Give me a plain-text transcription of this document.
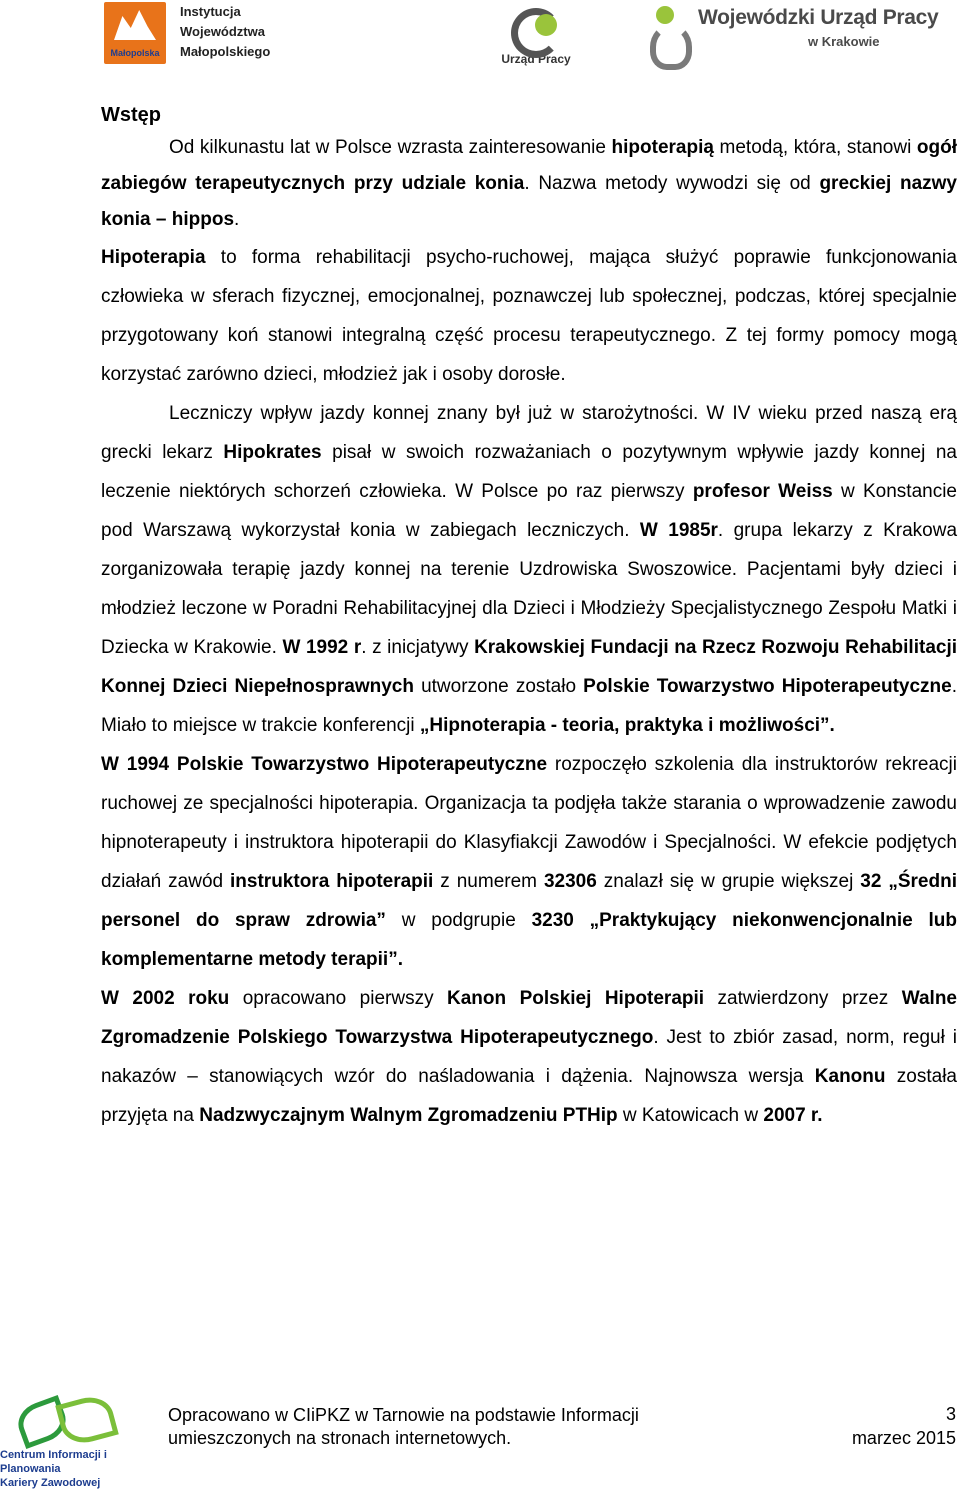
Małopolska
Instytucja
Województwa
Małopolskiego	Urząd Pracy
Wojewódzki Urząd Pracy
w Krakowie
Wstęp

Od kilkunastu lat w Polsce wzrasta zainteresowanie hipoterapią metodą, która, stanowi ogół zabiegów terapeutycznych przy udziale konia. Nazwa metody wywodzi się od greckiej nazwy konia – hippos.

Hipoterapia to forma rehabilitacji psycho-ruchowej, mająca służyć poprawie funkcjonowania człowieka w sferach fizycznej, emocjonalnej, poznawczej lub społecznej, podczas, której specjalnie przygotowany koń stanowi integralną część procesu terapeutycznego. Z tej formy pomocy mogą korzystać zarówno dzieci, młodzież jak i osoby dorosłe.

Leczniczy wpływ jazdy konnej znany był już w starożytności. W IV wieku przed naszą erą grecki lekarz Hipokrates pisał w swoich rozważaniach o pozytywnym wpływie jazdy konnej na leczenie niektórych schorzeń człowieka. W Polsce po raz pierwszy profesor Weiss w Konstancie pod Warszawą wykorzystał konia w zabiegach leczniczych. W 1985r. grupa lekarzy z Krakowa zorganizowała terapię jazdy konnej na terenie Uzdrowiska Swoszowice. Pacjentami były dzieci i młodzież leczone w Poradni Rehabilitacyjnej dla Dzieci i Młodzieży Specjalistycznego Zespołu Matki i Dziecka w Krakowie. W 1992 r. z inicjatywy Krakowskiej Fundacji na Rzecz Rozwoju Rehabilitacji Konnej Dzieci Niepełnosprawnych utworzone zostało Polskie Towarzystwo Hipoterapeutyczne. Miało to miejsce w trakcie konferencji „Hipnoterapia - teoria, praktyka i możliwości”.

W 1994 Polskie Towarzystwo Hipoterapeutyczne rozpoczęło szkolenia dla instruktorów rekreacji ruchowej ze specjalności hipoterapia. Organizacja ta podjęła także starania o wprowadzenie zawodu hipnoterapeuty i instruktora hipoterapii do Klasyfiakcji Zawodów i Specjalności. W efekcie podjętych działań zawód instruktora hipoterapii z numerem 32306 znalazł się w grupie większej 32 „Średni personel do spraw zdrowia” w podgrupie 3230 „Praktykujący niekonwencjonalnie lub komplementarne metody terapii”.

W 2002 roku opracowano pierwszy Kanon Polskiej Hipoterapii zatwierdzony przez Walne Zgromadzenie Polskiego Towarzystwa Hipoterapeutycznego. Jest to zbiór zasad, norm, reguł i nakazów – stanowiących wzór do naśladowania i dążenia. Najnowsza wersja Kanonu została przyjęta na Nadzwyczajnym Walnym Zgromadzeniu PTHip w Katowicach w 2007 r.

Centrum Informacji i Planowania
Kariery Zawodowej
Opracowano w CIiPKZ w Tarnowie na podstawie Informacji
umieszczonych na stronach internetowych.
3
marzec 2015
